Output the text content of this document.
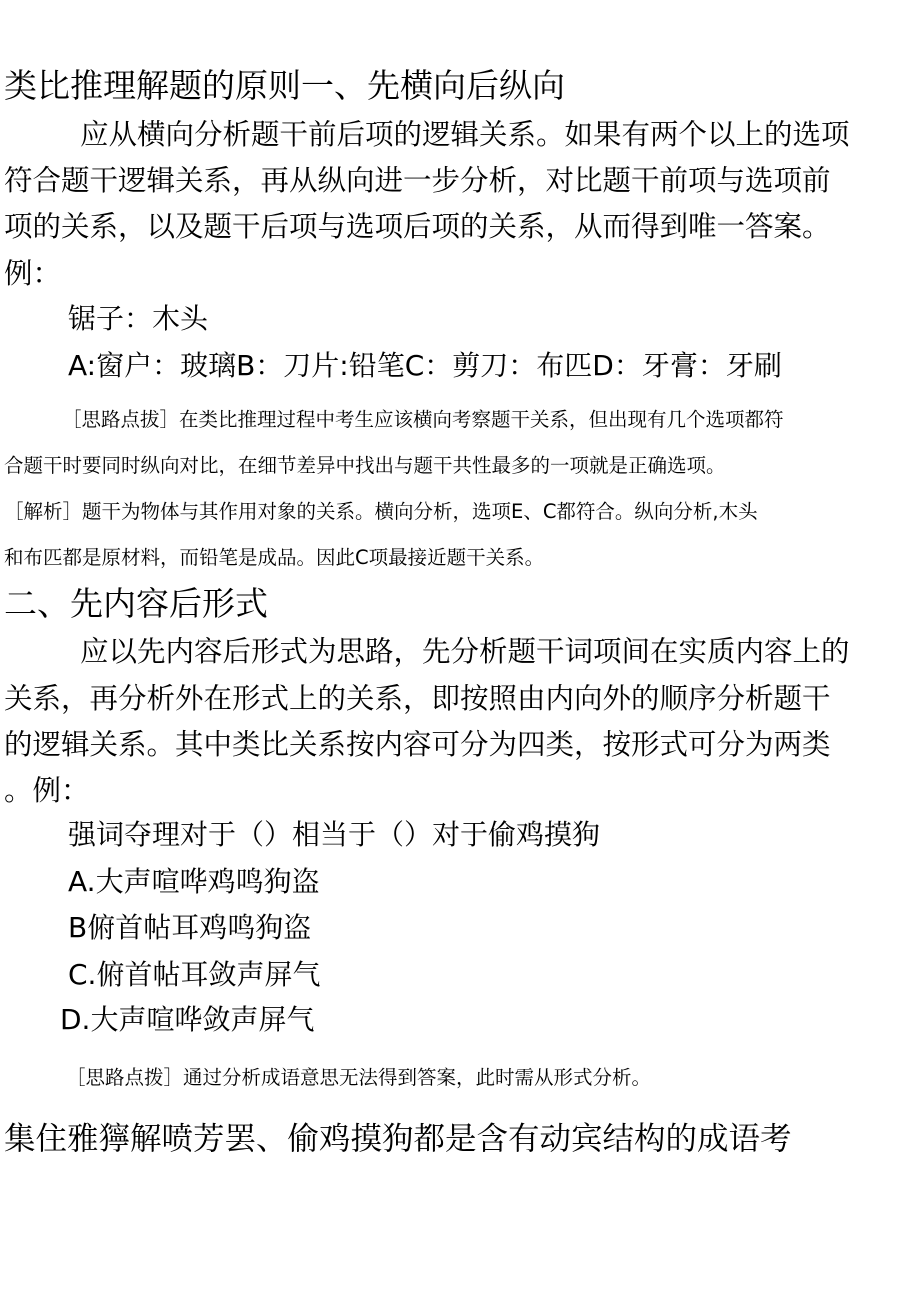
类比推理解题的原则一、先横向后纵向
应从横向分析题干前后项的逻辑关系。如果有两个以上的选项
符合题干逻辑关系，再从纵向进一步分析，对比题干前项与选项前
项的关系，以及题干后项与选项后项的关系，从而得到唯一答案。
例：
锯子：木头
A:窗户：玻璃B：刀片:铅笔C：剪刀：布匹D：牙膏：牙刷
［思路点拔］在类比推理过程中考生应该横向考察题干关系，但出现有几个选项都符
合题干时要同时纵向对比，在细节差异中找出与题干共性最多的一项就是正确选项。
［解析］题干为物体与其作用对象的关系。横向分析，选项E、C都符合。纵向分析,木头
和布匹都是原材料，而铅笔是成品。因此C项最接近题干关系。
二、先内容后形式
应以先内容后形式为思路，先分析题干词项间在实质内容上的
关系，再分析外在形式上的关系，即按照由内向外的顺序分析题干
的逻辑关系。其中类比关系按内容可分为四类，按形式可分为两类
。例：
强词夺理对于（）相当于（）对于偷鸡摸狗
A.大声喧哗鸡鸣狗盗
B俯首帖耳鸡鸣狗盗
C.俯首帖耳敛声屏气
D.大声喧哗敛声屏气
［思路点拨］通过分析成语意思无法得到答案，此时需从形式分析。
集住雅獰解喷芳罢、偷鸡摸狗都是含有动宾结构的成语考
